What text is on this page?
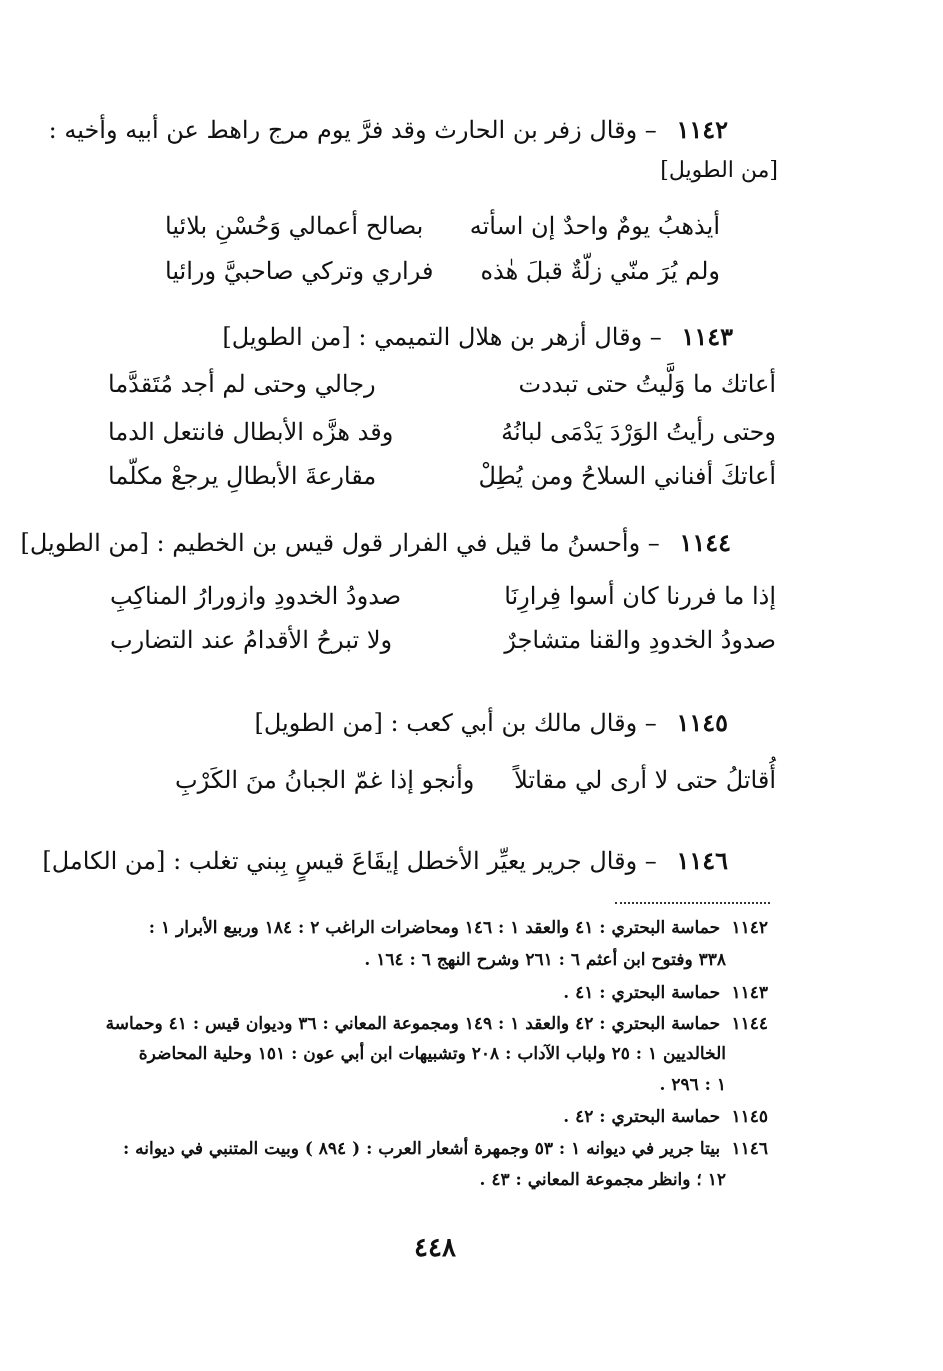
١١٤٢ – وقال زفر بن الحارث وقد فرَّ يوم مرج راهط عن أبيه وأخيه :
[من الطويل]
أيذهبُ يومٌ واحدٌ إن اسأته
بصالح أعمالي وَحُسْنِ بلائيا
ولم يُرَ منّي زلّةٌ قبلَ هٰذه
فراري وتركي صاحبيَّ ورائيا
١١٤٣ – وقال أزهر بن هلال التميمي : [من الطويل]
أعاتك ما وَلَّيتُ حتى تبددت
رجالي وحتى لم أجد مُتَقدَّما
وحتى رأيتُ الوَرْدَ يَدْمَى لبانُهُ
وقد هزَّه الأبطال فانتعل الدما
أعاتكَ أفناني السلاحُ ومن يُطِلْ
مقارعةَ الأبطالِ يرجعْ مكلّما
١١٤٤ – وأحسنُ ما قيل في الفرار قول قيس بن الخطيم : [من الطويل]
إذا ما فررنا كان أسوا فِرارِنَا
صدودُ الخدودِ وازورارُ المناكِبِ
صدودُ الخدودِ والقنا متشاجرٌ
ولا تبرحُ الأقدامُ عند التضارب
١١٤٥ – وقال مالك بن أبي كعب : [من الطويل]
أُقاتلُ حتى لا أرى لي مقاتلاً
وأنجو إذا غمّ الجبانُ منَ الكَرْبِ
١١٤٦ – وقال جرير يعيِّر الأخطل إيقَاعَ قيسٍ بِبني تغلب : [من الكامل]
١١٤٢ حماسة البحتري : ٤١ والعقد ١ : ١٤٦ ومحاضرات الراغب ٢ : ١٨٤ وربيع الأبرار ١ :
٣٣٨ وفتوح ابن أعثم ٦ : ٢٦١ وشرح النهج ٦ : ١٦٤ .
١١٤٣ حماسة البحتري : ٤١ .
١١٤٤ حماسة البحتري : ٤٢ والعقد ١ : ١٤٩ ومجموعة المعاني : ٣٦ وديوان قيس : ٤١ وحماسة
الخالديين ١ : ٢٥ ولباب الآداب : ٢٠٨ وتشبيهات ابن أبي عون : ١٥١ وحلية المحاضرة
١ : ٢٩٦ .
١١٤٥ حماسة البحتري : ٤٢ .
١١٤٦ بيتا جرير في ديوانه ١ : ٥٣ وجمهرة أشعار العرب : ( ٨٩٤ ) وبيت المتنبي في ديوانه :
١٢ ؛ وانظر مجموعة المعاني : ٤٣ .
٤٤٨
